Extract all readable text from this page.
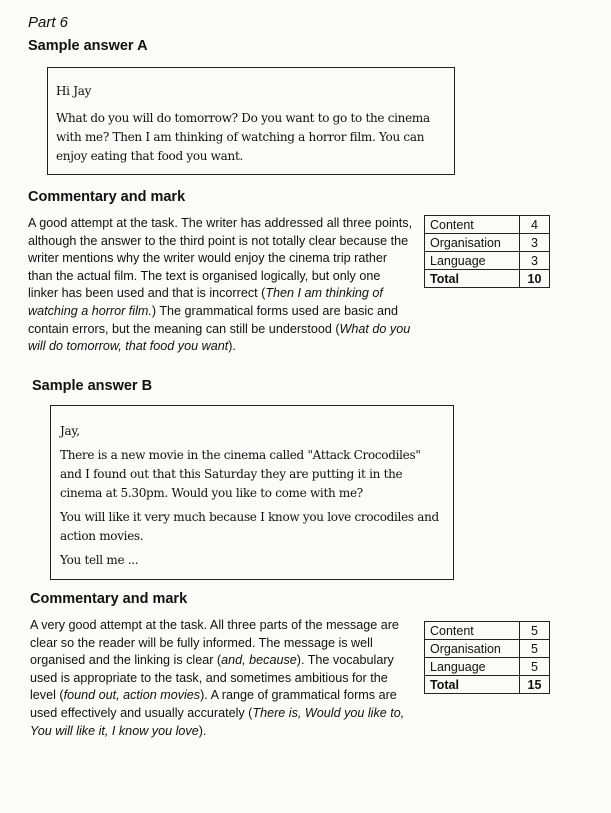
Part 6
Sample answer A

Hi Jay

What do you will do tomorrow? Do you want to go to the cinema with me? Then I am thinking of watching a horror film. You can enjoy eating that food you want.

Commentary and mark
A good attempt at the task. The writer has addressed all three points, although the answer to the third point is not totally clear because the writer mentions why the writer would enjoy the cinema trip rather than the actual film. The text is organised logically, but only one linker has been used and that is incorrect (Then I am thinking of watching a horror film.) The grammatical forms used are basic and contain errors, but the meaning can still be understood (What do you will do tomorrow, that food you want).
Content	4
Organisation	3
Language	3
Total	10
Sample answer B

Jay,

There is a new movie in the cinema called "Attack Crocodiles" and I found out that this Saturday they are putting it in the cinema at 5.30pm. Would you like to come with me?

You will like it very much because I know you love crocodiles and action movies.

You tell me ...

Commentary and mark
A very good attempt at the task. All three parts of the message are clear so the reader will be fully informed. The message is well organised and the linking is clear (and, because). The vocabulary used is appropriate to the task, and sometimes ambitious for the level (found out, action movies). A range of grammatical forms are used effectively and usually accurately (There is, Would you like to, You will like it, I know you love).
Content	5
Organisation	5
Language	5
Total	15
